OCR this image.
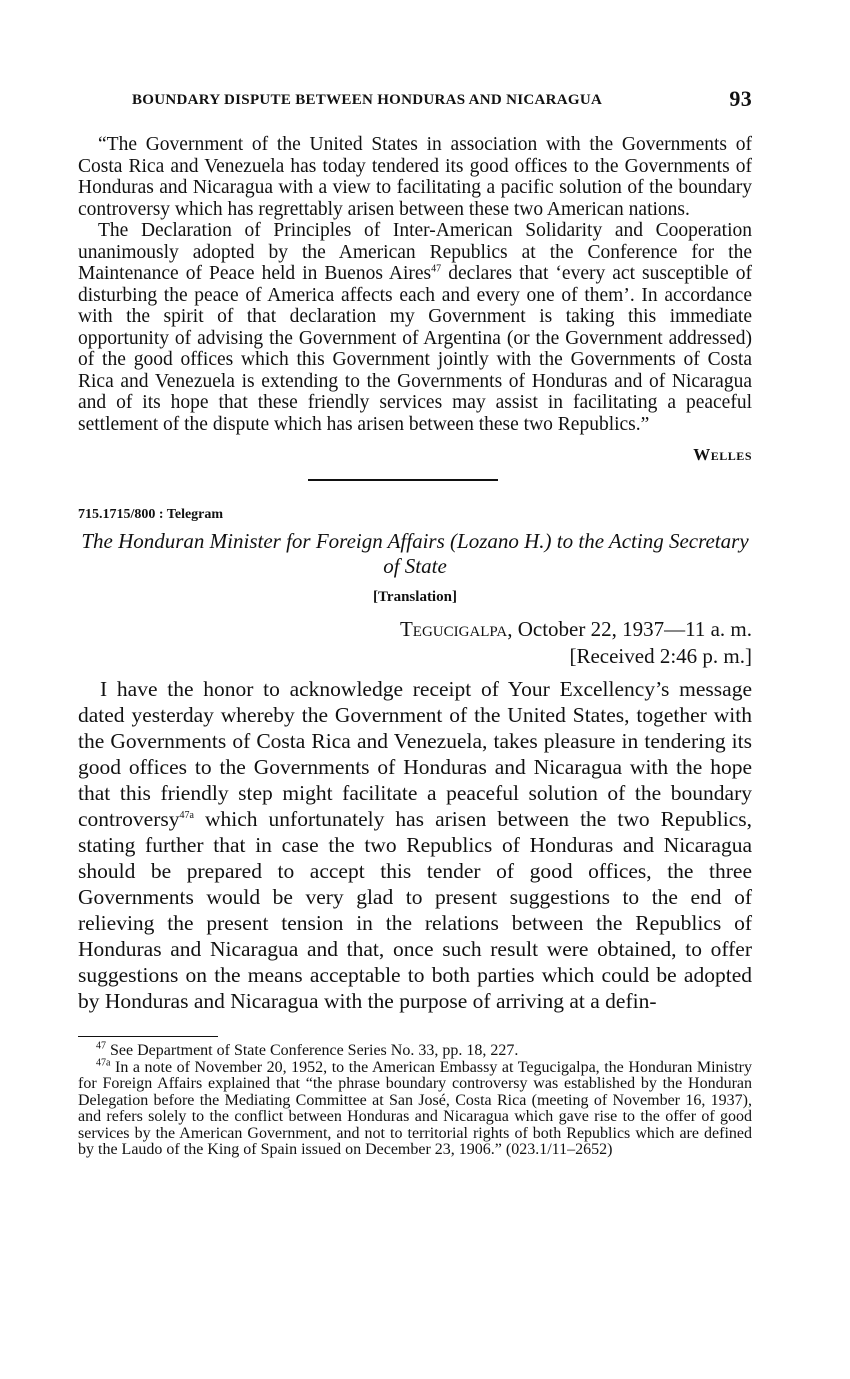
BOUNDARY DISPUTE BETWEEN HONDURAS AND NICARAGUA	93

“The Government of the United States in association with the Governments of Costa Rica and Venezuela has today tendered its good offices to the Governments of Honduras and Nicaragua with a view to facilitating a pacific solution of the boundary controversy which has regrettably arisen between these two American nations.

The Declaration of Principles of Inter-American Solidarity and Cooperation unanimously adopted by the American Republics at the Conference for the Maintenance of Peace held in Buenos Aires$^{47}$ declares that ‘every act susceptible of disturbing the peace of America affects each and every one of them’. In accordance with the spirit of that declaration my Government is taking this immediate opportunity of advising the Government of Argentina (or the Government addressed) of the good offices which this Government jointly with the Governments of Costa Rica and Venezuela is extending to the Governments of Honduras and of Nicaragua and of its hope that these friendly services may assist in facilitating a peaceful settlement of the dispute which has arisen between these two Republics.”

Welles
715.1715/800 : Telegram
The Honduran Minister for Foreign Affairs (Lozano H.) to the Acting Secretary of State
[Translation]
Tegucigalpa, October 22, 1937—11 a. m.
[Received 2:46 p. m.]

I have the honor to acknowledge receipt of Your Excellency’s message dated yesterday whereby the Government of the United States, together with the Governments of Costa Rica and Venezuela, takes pleasure in tendering its good offices to the Governments of Honduras and Nicaragua with the hope that this friendly step might facilitate a peaceful solution of the boundary controversy$^{47a}$ which unfortunately has arisen between the two Republics, stating further that in case the two Republics of Honduras and Nicaragua should be prepared to accept this tender of good offices, the three Governments would be very glad to present suggestions to the end of relieving the present tension in the relations between the Republics of Honduras and Nicaragua and that, once such result were obtained, to offer suggestions on the means acceptable to both parties which could be adopted by Honduras and Nicaragua with the purpose of arriving at a defin-

$^{47}$ See Department of State Conference Series No. 33, pp. 18, 227.

$^{47a}$ In a note of November 20, 1952, to the American Embassy at Tegucigalpa, the Honduran Ministry for Foreign Affairs explained that “the phrase boundary controversy was established by the Honduran Delegation before the Mediating Committee at San José, Costa Rica (meeting of November 16, 1937), and refers solely to the conflict between Honduras and Nicaragua which gave rise to the offer of good services by the American Government, and not to territorial rights of both Republics which are defined by the Laudo of the King of Spain issued on December 23, 1906.” (023.1/11–2652)
